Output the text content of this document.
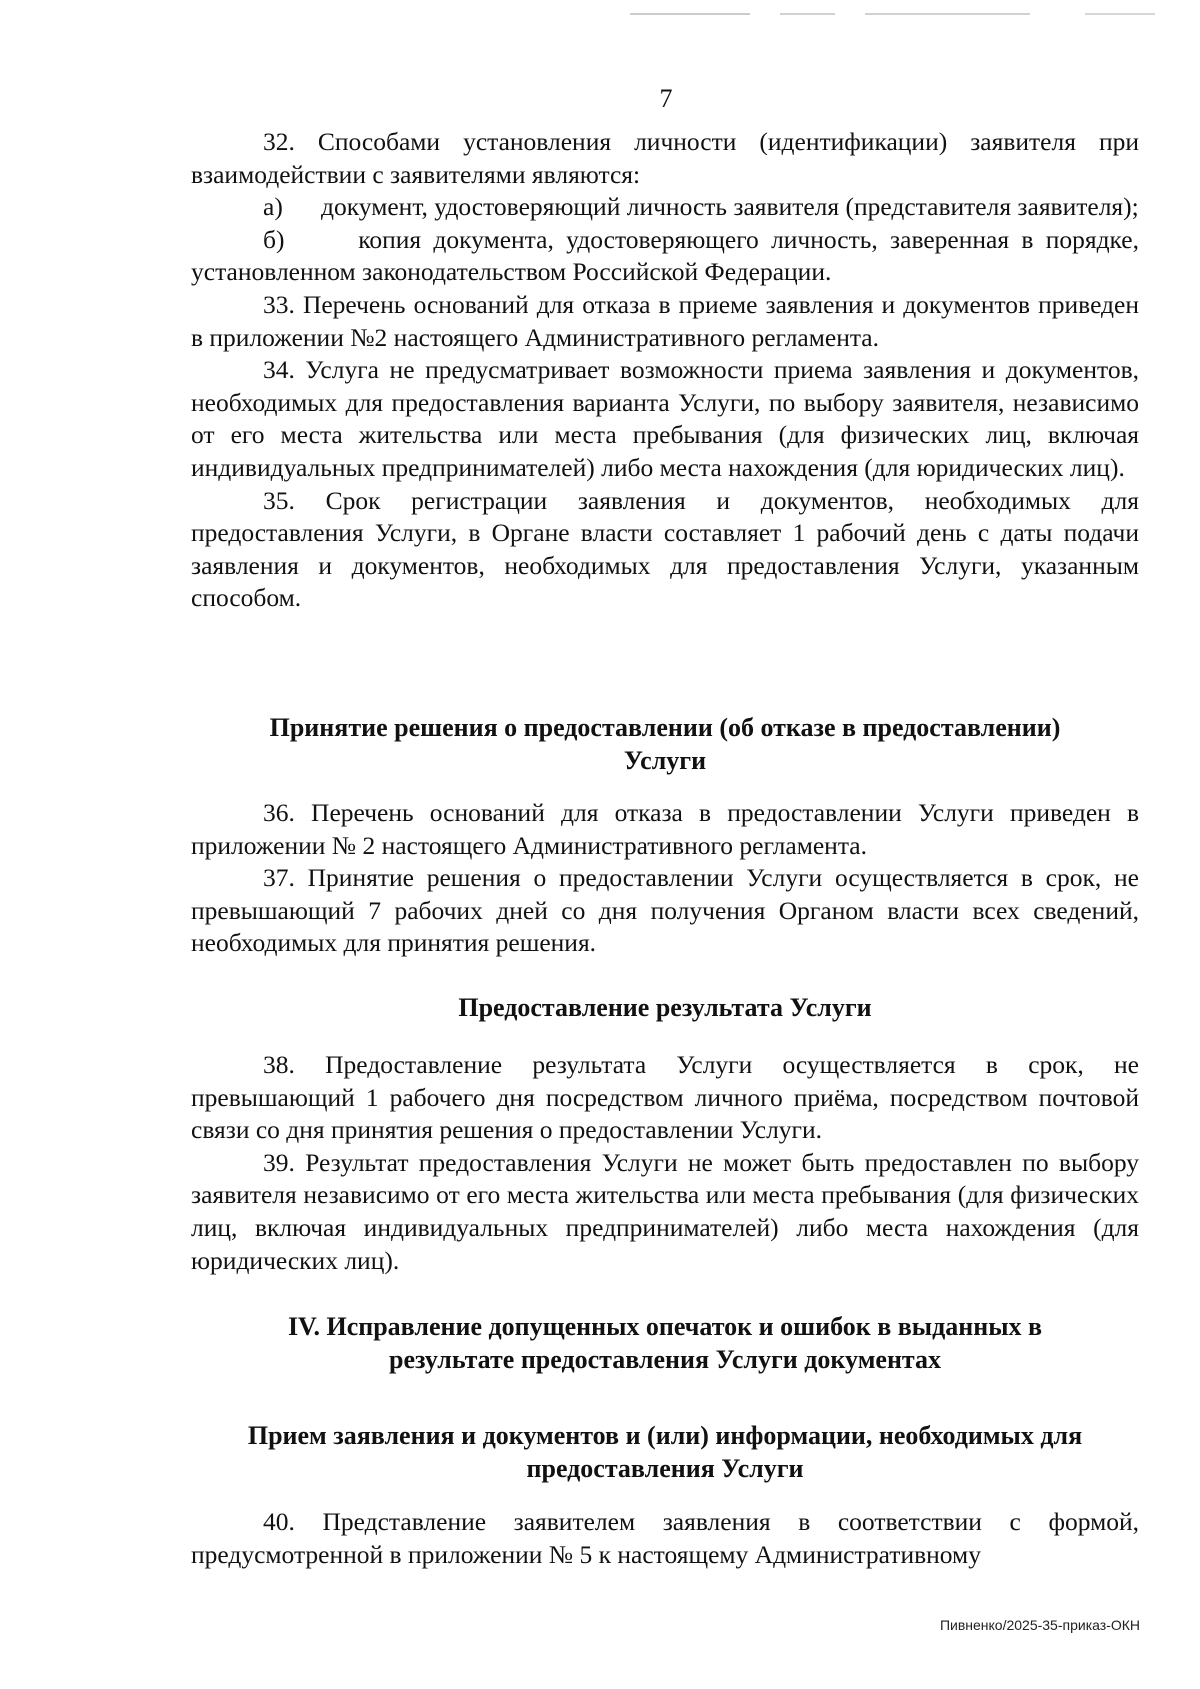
7

32. Способами установления личности (идентификации) заявителя при взаимодействии с заявителями являются:

а)      документ, удостоверяющий личность заявителя (представителя заявителя);

б)      копия документа, удостоверяющего личность, заверенная в порядке, установленном законодательством Российской Федерации.

33. Перечень оснований для отказа в приеме заявления и документов приведен в приложении №2 настоящего Административного регламента.

34. Услуга не предусматривает возможности приема заявления и документов, необходимых для предоставления варианта Услуги, по выбору заявителя, независимо от его места жительства или места пребывания (для физических лиц, включая индивидуальных предпринимателей) либо места нахождения (для юридических лиц).

35. Срок регистрации заявления и документов, необходимых для предоставления Услуги, в Органе власти составляет 1 рабочий день с даты подачи заявления и документов, необходимых для предоставления Услуги, указанным способом.

Принятие решения о предоставлении (об отказе в предоставлении)
Услуги

36. Перечень оснований для отказа в предоставлении Услуги приведен в приложении № 2 настоящего Административного регламента.

37. Принятие решения о предоставлении Услуги осуществляется в срок, не превышающий 7 рабочих дней со дня получения Органом власти всех сведений, необходимых для принятия решения.

Предоставление результата Услуги

38. Предоставление результата Услуги осуществляется в срок, не превышающий 1 рабочего дня посредством личного приёма, посредством почтовой связи со дня принятия решения о предоставлении Услуги.

39. Результат предоставления Услуги не может быть предоставлен по выбору заявителя независимо от его места жительства или места пребывания (для физических лиц, включая индивидуальных предпринимателей) либо места нахождения (для юридических лиц).

IV. Исправление допущенных опечаток и ошибок в выданных в
результате предоставления Услуги документах
Прием заявления и документов и (или) информации, необходимых для
предоставления Услуги

40. Представление заявителем заявления в соответствии с формой, предусмотренной в приложении № 5 к настоящему Административному

Пивненко/2025-35-приказ-ОКН
